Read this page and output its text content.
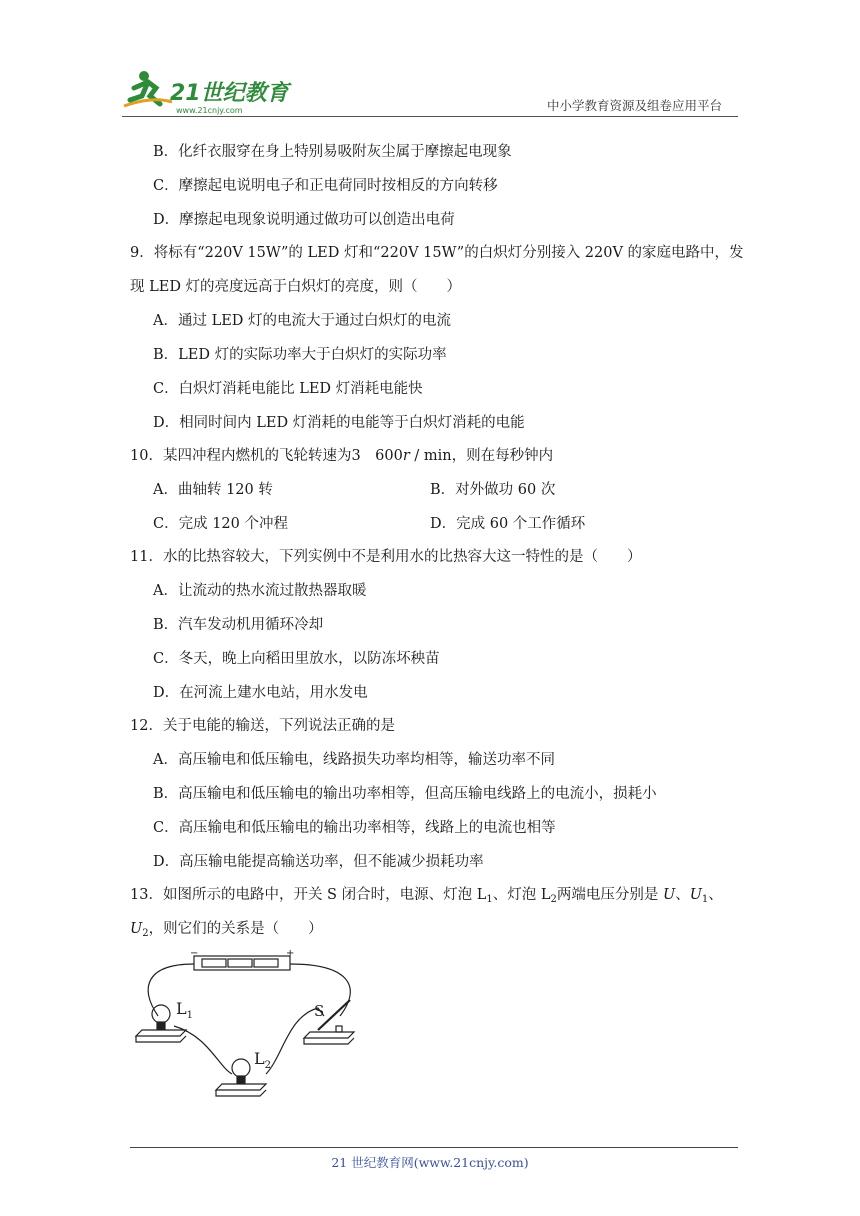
21世纪教育
www.21cnjy.com	中小学教育资源及组卷应用平台
B．化纤衣服穿在身上特别易吸附灰尘属于摩擦起电现象
C．摩擦起电说明电子和正电荷同时按相反的方向转移
D．摩擦起电现象说明通过做功可以创造出电荷
9．将标有“220V 15W”的 LED 灯和“220V 15W”的白炽灯分别接入 220V 的家庭电路中，发
现 LED 灯的亮度远高于白炽灯的亮度，则（　　）
A．通过 LED 灯的电流大于通过白炽灯的电流
B．LED 灯的实际功率大于白炽灯的实际功率
C．白炽灯消耗电能比 LED 灯消耗电能快
D．相同时间内 LED 灯消耗的电能等于白炽灯消耗的电能
10．某四冲程内燃机的飞轮转速为3　600r / min，则在每秒钟内
A．曲轴转 120 转	B．对外做功 60 次
C．完成 120 个冲程	D．完成 60 个工作循环
11．水的比热容较大，下列实例中不是利用水的比热容大这一特性的是（　　）
A．让流动的热水流过散热器取暖
B．汽车发动机用循环冷却
C．冬天，晚上向稻田里放水，以防冻坏秧苗
D．在河流上建水电站，用水发电
12．关于电能的输送，下列说法正确的是
A．高压输电和低压输电，线路损失功率均相等，输送功率不同
B．高压输电和低压输电的输出功率相等，但高压输电线路上的电流小，损耗小
C．高压输电和低压输电的输出功率相等，线路上的电流也相等
D．高压输电能提高输送功率，但不能减少损耗功率
13．如图所示的电路中，开关 S 闭合时，电源、灯泡 $L_1$、灯泡 $L_2$两端电压分别是 U、$U_1$、
$U_2$，则它们的关系是（　　）
−	+
$L_1$
$L_2$
S
21 世纪教育网(www.21cnjy.com)
